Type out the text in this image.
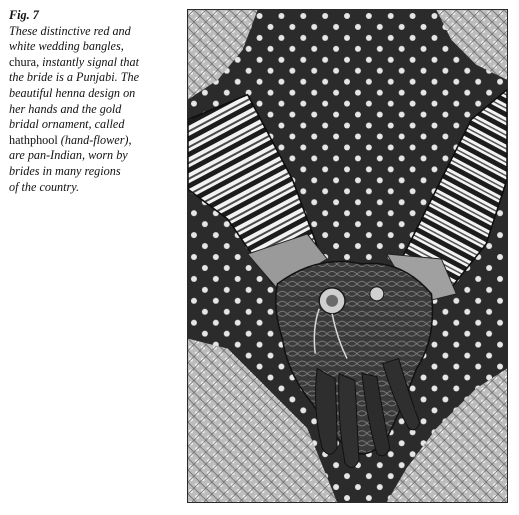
Fig. 7
These distinctive red and
white wedding bangles,
chura, instantly signal that
the bride is a Punjabi. The
beautiful henna design on
her hands and the gold
bridal ornament, called
hathphool (hand-flower),
are pan-Indian, worn by
brides in many regions
of the country.
